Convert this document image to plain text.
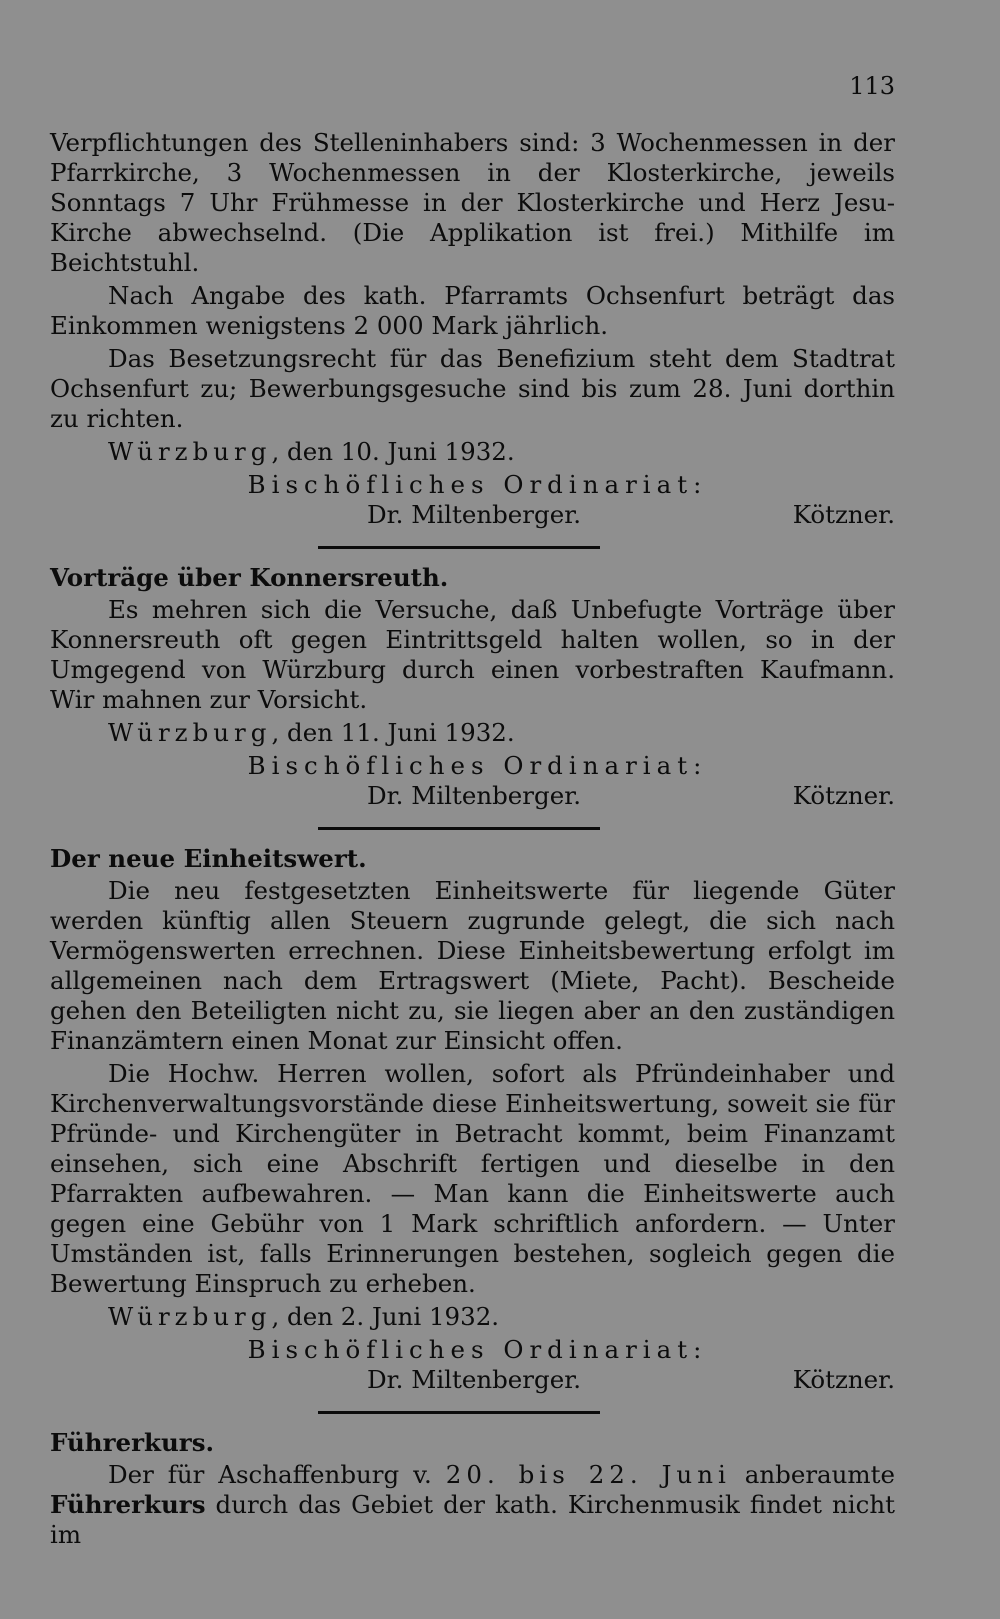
113

Verpflichtungen des Stelleninhabers sind: 3 Wochenmessen in der Pfarrkirche, 3 Wochenmessen in der Klosterkirche, jeweils Sonntags 7 Uhr Frühmesse in der Klosterkirche und Herz Jesu-Kirche abwechselnd. (Die Applikation ist frei.) Mithilfe im Beichtstuhl.

Nach Angabe des kath. Pfarramts Ochsenfurt beträgt das Einkommen wenigstens 2 000 Mark jährlich.

Das Besetzungsrecht für das Benefizium steht dem Stadtrat Ochsenfurt zu; Bewerbungsgesuche sind bis zum 28. Juni dorthin zu richten.

Würzburg, den 10. Juni 1932.
Bischöfliches Ordinariat:
Dr. Miltenberger.	Kötzner.
Vorträge über Konnersreuth.

Es mehren sich die Versuche, daß Unbefugte Vorträge über Konnersreuth oft gegen Eintrittsgeld halten wollen, so in der Umgegend von Würzburg durch einen vorbestraften Kaufmann. Wir mahnen zur Vorsicht.

Würzburg, den 11. Juni 1932.
Bischöfliches Ordinariat:
Dr. Miltenberger.	Kötzner.
Der neue Einheitswert.

Die neu festgesetzten Einheitswerte für liegende Güter werden künftig allen Steuern zugrunde gelegt, die sich nach Vermögenswerten errechnen. Diese Einheitsbewertung erfolgt im allgemeinen nach dem Ertragswert (Miete, Pacht). Bescheide gehen den Beteiligten nicht zu, sie liegen aber an den zuständigen Finanzämtern einen Monat zur Einsicht offen.

Die Hochw. Herren wollen, sofort als Pfründeinhaber und Kirchenverwaltungsvorstände diese Einheitswertung, soweit sie für Pfründe- und Kirchengüter in Betracht kommt, beim Finanzamt einsehen, sich eine Abschrift fertigen und dieselbe in den Pfarrakten aufbewahren. — Man kann die Einheitswerte auch gegen eine Gebühr von 1 Mark schriftlich anfordern. — Unter Umständen ist, falls Erinnerungen bestehen, sogleich gegen die Bewertung Einspruch zu erheben.

Würzburg, den 2. Juni 1932.
Bischöfliches Ordinariat:
Dr. Miltenberger.	Kötzner.
Führerkurs.

Der für Aschaffenburg v. 20. bis 22. Juni anberaumte Führerkurs durch das Gebiet der kath. Kirchenmusik findet nicht im
